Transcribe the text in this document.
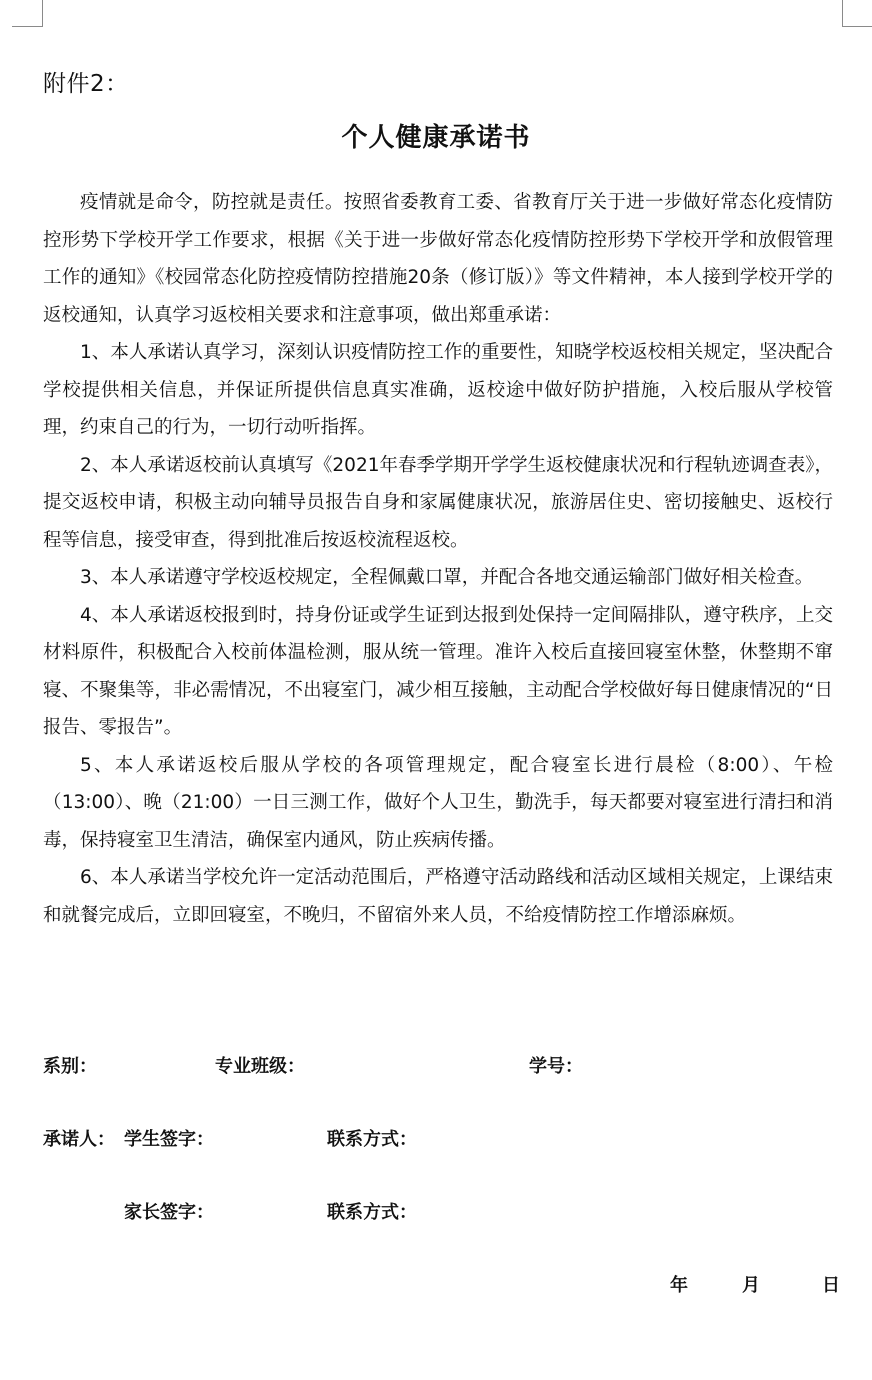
附件2：
个人健康承诺书

疫情就是命令，防控就是责任。按照省委教育工委、省教育厅关于进一步做好常态化疫情防控形势下学校开学工作要求，根据《关于进一步做好常态化疫情防控形势下学校开学和放假管理工作的通知》《校园常态化防控疫情防控措施20条（修订版）》等文件精神，本人接到学校开学的返校通知，认真学习返校相关要求和注意事项，做出郑重承诺：

1、本人承诺认真学习，深刻认识疫情防控工作的重要性，知晓学校返校相关规定，坚决配合学校提供相关信息，并保证所提供信息真实准确，返校途中做好防护措施，入校后服从学校管理，约束自己的行为，一切行动听指挥。

2、本人承诺返校前认真填写《2021年春季学期开学学生返校健康状况和行程轨迹调查表》，提交返校申请，积极主动向辅导员报告自身和家属健康状况，旅游居住史、密切接触史、返校行程等信息，接受审查，得到批准后按返校流程返校。

3、本人承诺遵守学校返校规定，全程佩戴口罩，并配合各地交通运输部门做好相关检查。

4、本人承诺返校报到时，持身份证或学生证到达报到处保持一定间隔排队，遵守秩序，上交材料原件，积极配合入校前体温检测，服从统一管理。准许入校后直接回寝室休整，休整期不窜寝、不聚集等，非必需情况，不出寝室门，减少相互接触，主动配合学校做好每日健康情况的“日报告、零报告”。

5、本人承诺返校后服从学校的各项管理规定，配合寝室长进行晨检（8:00）、午检（13:00）、晚（21:00）一日三测工作，做好个人卫生，勤洗手，每天都要对寝室进行清扫和消毒，保持寝室卫生清洁，确保室内通风，防止疾病传播。

6、本人承诺当学校允许一定活动范围后，严格遵守活动路线和活动区域相关规定，上课结束和就餐完成后，立即回寝室，不晚归，不留宿外来人员，不给疫情防控工作增添麻烦。

系别：	专业班级：	学号：
承诺人： 学生签字：	联系方式：
家长签字：	联系方式：
年	月	日
